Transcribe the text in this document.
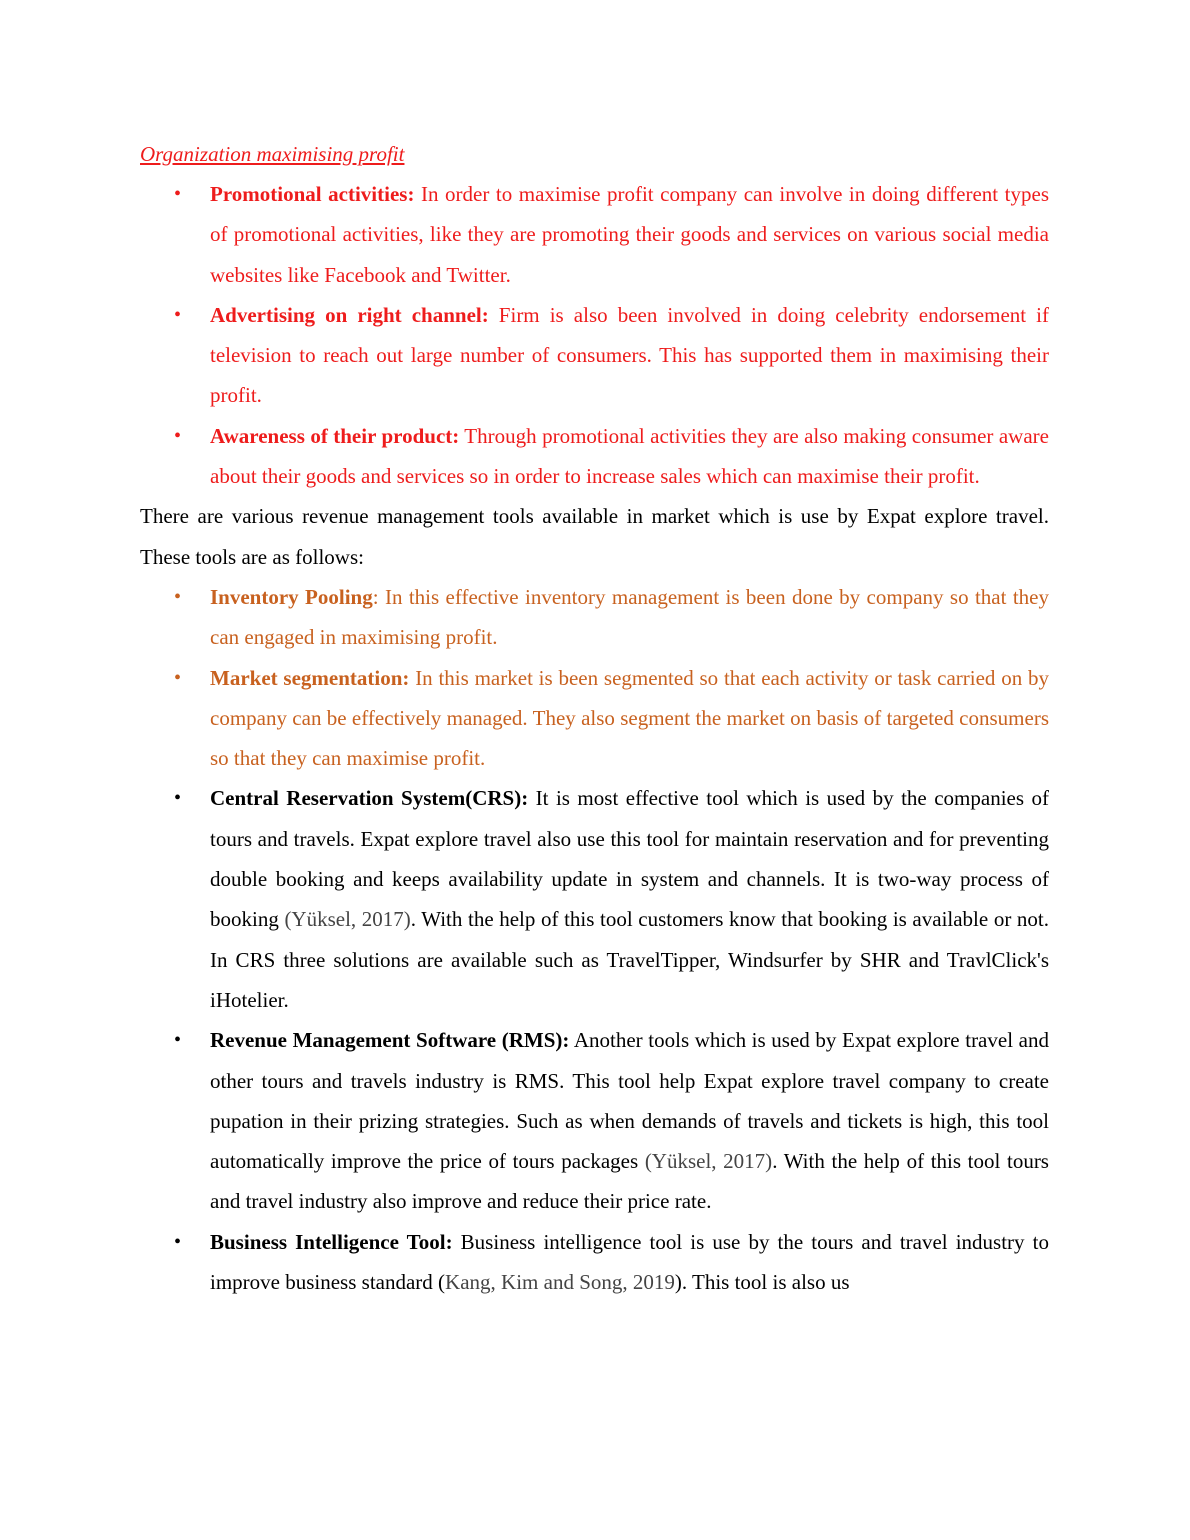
Organization maximising profit
• Promotional activities: In order to maximise profit company can involve in doing different types of promotional activities, like they are promoting their goods and services on various social media websites like Facebook and Twitter.
• Advertising on right channel: Firm is also been involved in doing celebrity endorsement if television to reach out large number of consumers. This has supported them in maximising their profit.
• Awareness of their product: Through promotional activities they are also making consumer aware about their goods and services so in order to increase sales which can maximise their profit.

There are various revenue management tools available in market which is use by Expat explore travel. These tools are as follows:

• Inventory Pooling: In this effective inventory management is been done by company so that they can engaged in maximising profit.
• Market segmentation: In this market is been segmented so that each activity or task carried on by company can be effectively managed. They also segment the market on basis of targeted consumers so that they can maximise profit.
• Central Reservation System(CRS): It is most effective tool which is used by the companies of tours and travels. Expat explore travel also use this tool for maintain reservation and for preventing double booking and keeps availability update in system and channels. It is two-way process of booking (Yüksel, 2017). With the help of this tool customers know that booking is available or not. In CRS three solutions are available such as TravelTipper, Windsurfer by SHR and TravlClick's iHotelier.
• Revenue Management Software (RMS): Another tools which is used by Expat explore travel and other tours and travels industry is RMS. This tool help Expat explore travel company to create pupation in their prizing strategies. Such as when demands of travels and tickets is high, this tool automatically improve the price of tours packages (Yüksel, 2017). With the help of this tool tours and travel industry also improve and reduce their price rate.
• Business Intelligence Tool: Business intelligence tool is use by the tours and travel industry to improve business standard (Kang, Kim and Song, 2019). This tool is also us
